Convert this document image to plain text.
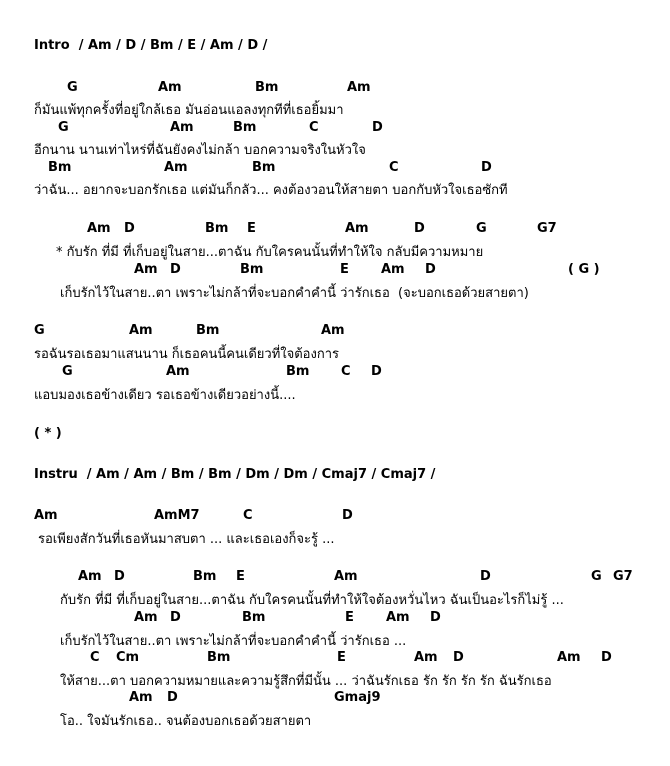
Intro  / Am / D / Bm / E / Am / D /
G	Am	Bm	Am
ก็มันแพ้ทุกครั้งที่อยู่ใกล้เธอ มันอ่อนแอลงทุกทีที่เธอยิ้มมา
G	Am	Bm	C	D
อีกนาน นานเท่าไหร่ที่ฉันยังคงไม่กล้า บอกความจริงในหัวใจ
Bm	Am	Bm	C	D
ว่าฉัน... อยากจะบอกรักเธอ แต่มันก็กลัว... คงต้องวอนให้สายตา บอกกับหัวใจเธอซักที
Am D	Bm E	Am	D	G	G7
* กับรัก ที่มี ที่เก็บอยู่ในสาย...ตาฉัน กับใครคนนั้นที่ทำให้ใจ กลับมีความหมาย
Am D	Bm	E Am D	( G )
เก็บรักไว้ในสาย..ตา เพราะไม่กล้าที่จะบอกคำคำนี้ ว่ารักเธอ  (จะบอกเธอด้วยสายตา)
G	Am	Bm	Am
รอฉันรอเธอมาแสนนาน ก็เธอคนนี้คนเดียวที่ใจต้องการ
G	Am	Bm C D
แอบมองเธอข้างเดียว รอเธอข้างเดียวอย่างนี้....
( * )
Instru  / Am / Am / Bm / Bm / Dm / Dm / Cmaj7 / Cmaj7 /
Am	AmM7	C	D
รอเพียงสักวันที่เธอหันมาสบตา ... และเธอเองก็จะรู้ ...
Am D	Bm E	Am	D	G G7
กับรัก ที่มี ที่เก็บอยู่ในสาย...ตาฉัน กับใครคนนั้นที่ทำให้ใจต้องหวั่นไหว ฉันเป็นอะไรก็ไม่รู้ ...
Am D	Bm	E Am D
เก็บรักไว้ในสาย..ตา เพราะไม่กล้าที่จะบอกคำคำนี้ ว่ารักเธอ ...
C Cm	Bm	E	Am D	Am D
ให้สาย...ตา บอกความหมายและความรู้สึกที่มีนั้น ... ว่าฉันรักเธอ รัก รัก รัก รัก ฉันรักเธอ
Am D	Gmaj9
โอ.. ใจมันรักเธอ.. จนต้องบอกเธอด้วยสายตา
